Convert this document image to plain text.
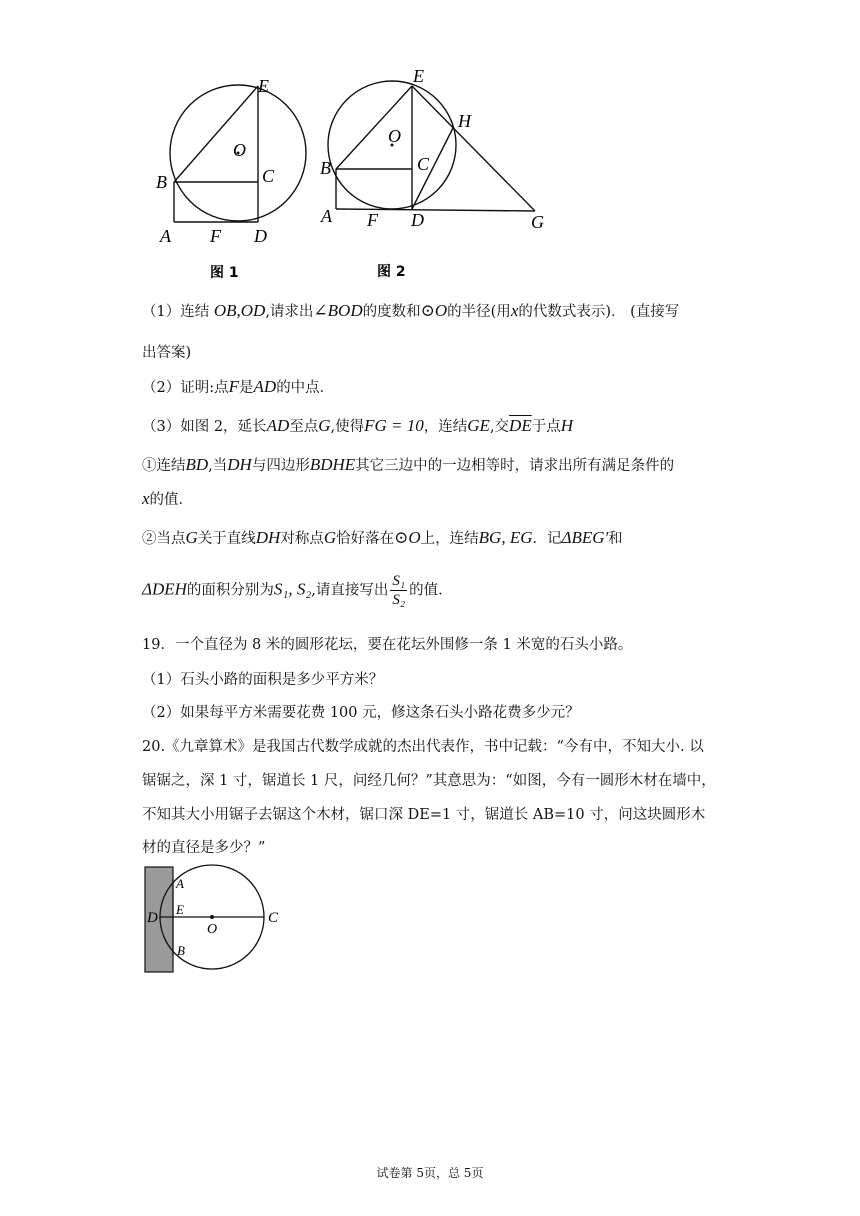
E
O
B	C
A F D
图 1
E
H
O
B	C
A F D	G
图 2
（1）连结 OB,OD,请求出∠BOD的度数和⊙O的半径(用x的代数式表示)． (直接写
出答案)
（2）证明:点F是AD的中点．
（3）如图 2，延长AD至点G,使得FG = 10，连结GE,交$\overline{DE}$于点H
①连结BD,当DH与四边形BDHE其它三边中的一边相等时，请求出所有满足条件的
x的值．
②当点G关于直线DH对称点G恰好落在⊙O上，连结BG, EG．记ΔBEG'和
ΔDEH的面积分别为S₁, S₂,请直接写出 $\frac{\text{S₁}}{\text{S₂}}$ 的值．
19．一个直径为 8 米的圆形花坛，要在花坛外围修一条 1 米宽的石头小路。
（1）石头小路的面积是多少平方米？
（2）如果每平方米需要花费 100 元，修这条石头小路花费多少元？
20.《九章算术》是我国古代数学成就的杰出代表作，书中记载：“今有中，不知大小. 以
锯锯之，深 1 寸，锯道长 1 尺，问经几何？”其意思为：“如图，今有一圆形木材在墙中，
不知其大小用锯子去锯这个木材，锯口深 DE=1 寸，锯道长 AB=10 寸，问这块圆形木
材的直径是多少？”
A
D
E
O
C
B
试卷第 5页，总 5页
